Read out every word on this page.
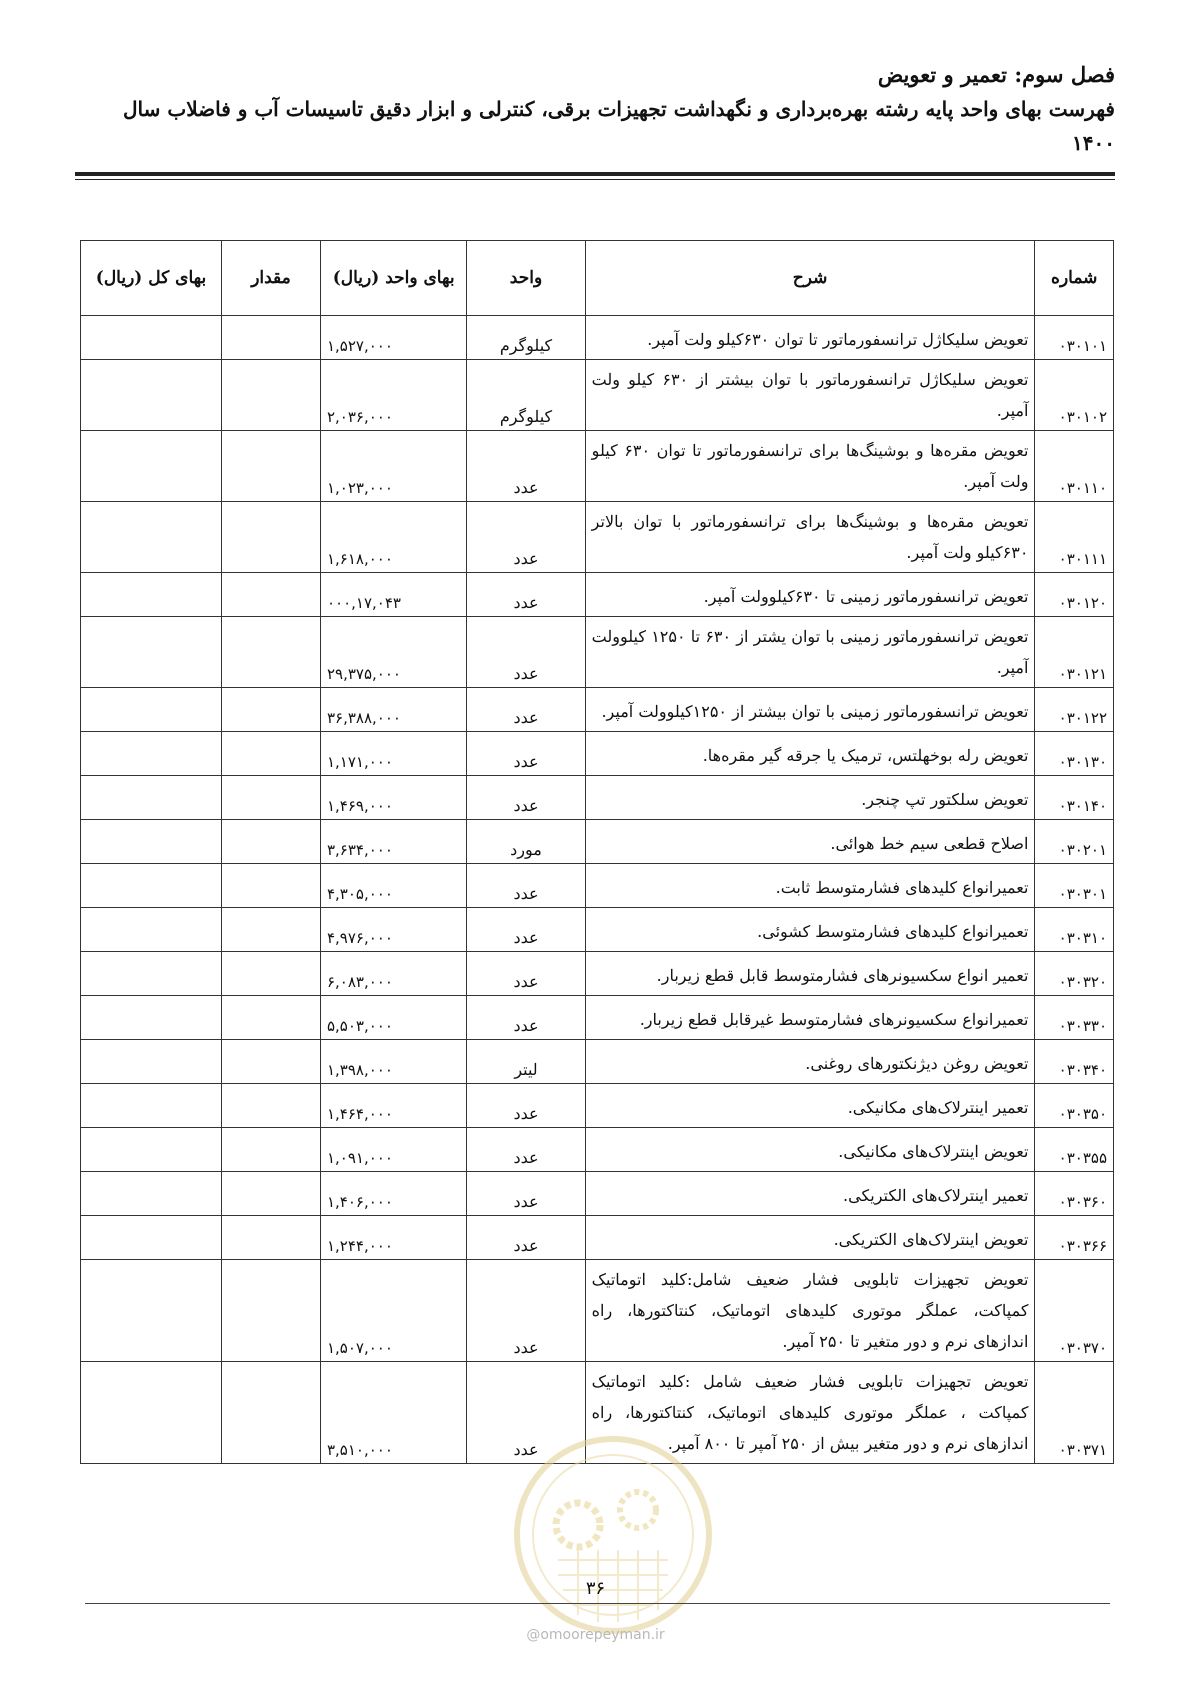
فصل سوم: تعمیر و تعویض
فهرست بهای واحد پایه رشته بهره‌برداری و نگهداشت تجهیزات برقی، کنترلی و ابزار دقیق تاسیسات آب و فاضلاب سال ۱۴۰۰
شماره	شرح	واحد	بهای واحد (ریال)	مقدار	بهای کل (ریال)
۰۳۰۱۰۱	تعویض سلیکاژل ترانسفورماتور تا توان ۶۳۰کیلو ولت آمپر.	کیلوگرم	۱,۵۲۷,۰۰۰		
۰۳۰۱۰۲	تعویض سلیکاژل ترانسفورماتور با توان بیشتر از ۶۳۰ کیلو ولت آمپر.	کیلوگرم	۲,۰۳۶,۰۰۰		
۰۳۰۱۱۰	تعویض مقره‌ها و بوشینگ‌ها برای ترانسفورماتور تا توان ۶۳۰ کیلو ولت آمپر.	عدد	۱,۰۲۳,۰۰۰		
۰۳۰۱۱۱	تعویض مقره‌ها و بوشینگ‌ها برای ترانسفورماتور با توان بالاتر ۶۳۰کیلو ولت آمپر.	عدد	۱,۶۱۸,۰۰۰		
۰۳۰۱۲۰	تعویض ترانسفورماتور زمینی تا ۶۳۰کیلوولت آمپر.	عدد	۰۰۰,۱۷,۰۴۳		
۰۳۰۱۲۱	تعویض ترانسفورماتور زمینی با توان یشتر از ۶۳۰ تا ۱۲۵۰ کیلوولت آمپر.	عدد	۲۹,۳۷۵,۰۰۰		
۰۳۰۱۲۲	تعویض ترانسفورماتور زمینی با توان بیشتر از ۱۲۵۰کیلوولت آمپر.	عدد	۳۶,۳۸۸,۰۰۰		
۰۳۰۱۳۰	تعویض رله بوخهلتس، ترمیک یا جرقه گیر مقره‌ها.	عدد	۱,۱۷۱,۰۰۰		
۰۳۰۱۴۰	تعویض سلکتور تپ چنجر.	عدد	۱,۴۶۹,۰۰۰		
۰۳۰۲۰۱	اصلاح قطعی سیم خط هوائی.	مورد	۳,۶۳۴,۰۰۰		
۰۳۰۳۰۱	تعمیرانواع کلیدهای فشارمتوسط ثابت.	عدد	۴,۳۰۵,۰۰۰		
۰۳۰۳۱۰	تعمیرانواع کلیدهای فشارمتوسط کشوئی.	عدد	۴,۹۷۶,۰۰۰		
۰۳۰۳۲۰	تعمیر انواع سکسیونرهای فشارمتوسط قابل قطع زیربار.	عدد	۶,۰۸۳,۰۰۰		
۰۳۰۳۳۰	تعمیرانواع سکسیونرهای فشارمتوسط غیرقابل قطع زیربار.	عدد	۵,۵۰۳,۰۰۰		
۰۳۰۳۴۰	تعویض روغن دیژنکتورهای روغنی.	لیتر	۱,۳۹۸,۰۰۰		
۰۳۰۳۵۰	تعمیر اینترلاک‌های مکانیکی.	عدد	۱,۴۶۴,۰۰۰		
۰۳۰۳۵۵	تعویض اینترلاک‌های مکانیکی.	عدد	۱,۰۹۱,۰۰۰		
۰۳۰۳۶۰	تعمیر اینترلاک‌های الکتریکی.	عدد	۱,۴۰۶,۰۰۰		
۰۳۰۳۶۶	تعویض اینترلاک‌های الکتریکی.	عدد	۱,۲۴۴,۰۰۰		
۰۳۰۳۷۰	تعویض تجهیزات تابلویی فشار ضعیف شامل:کلید اتوماتیک کمپاکت، عملگر موتوری کلیدهای اتوماتیک، کنتاکتورها، راه اندازهای نرم و دور متغیر تا ۲۵۰ آمپر.	عدد	۱,۵۰۷,۰۰۰		
۰۳۰۳۷۱	تعویض تجهیزات تابلویی فشار ضعیف شامل :کلید اتوماتیک کمپاکت ، عملگر موتوری کلیدهای اتوماتیک، کنتاکتورها، راه اندازهای نرم و دور متغیر بیش از ۲۵۰ آمپر تا ۸۰۰ آمپر.	عدد	۳,۵۱۰,۰۰۰		
۳۶
@omoorepeyman.ir
